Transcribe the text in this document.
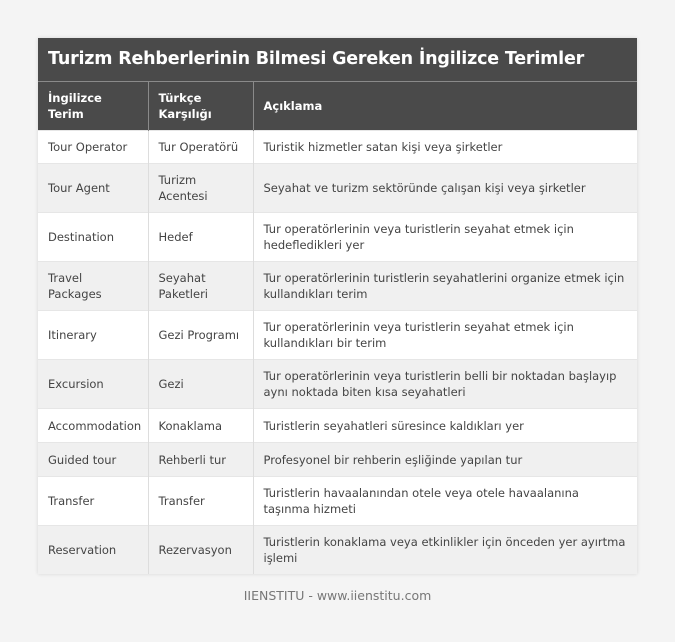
Turizm Rehberlerinin Bilmesi Gereken İngilizce Terimler
İngilizce Terim	Türkçe Karşılığı	Açıklama
Tour Operator	Tur Operatörü	Turistik hizmetler satan kişi veya şirketler
Tour Agent	Turizm Acentesi	Seyahat ve turizm sektöründe çalışan kişi veya şirketler
Destination	Hedef	Tur operatörlerinin veya turistlerin seyahat etmek için hedefledikleri yer
Travel Packages	Seyahat Paketleri	Tur operatörlerinin turistlerin seyahatlerini organize etmek için kullandıkları terim
Itinerary	Gezi Programı	Tur operatörlerinin veya turistlerin seyahat etmek için kullandıkları bir terim
Excursion	Gezi	Tur operatörlerinin veya turistlerin belli bir noktadan başlayıp aynı noktada biten kısa seyahatleri
Accommodation	Konaklama	Turistlerin seyahatleri süresince kaldıkları yer
Guided tour	Rehberli tur	Profesyonel bir rehberin eşliğinde yapılan tur
Transfer	Transfer	Turistlerin havaalanından otele veya otele havaalanına taşınma hizmeti
Reservation	Rezervasyon	Turistlerin konaklama veya etkinlikler için önceden yer ayırtma işlemi
IIENSTITU - www.iienstitu.com
